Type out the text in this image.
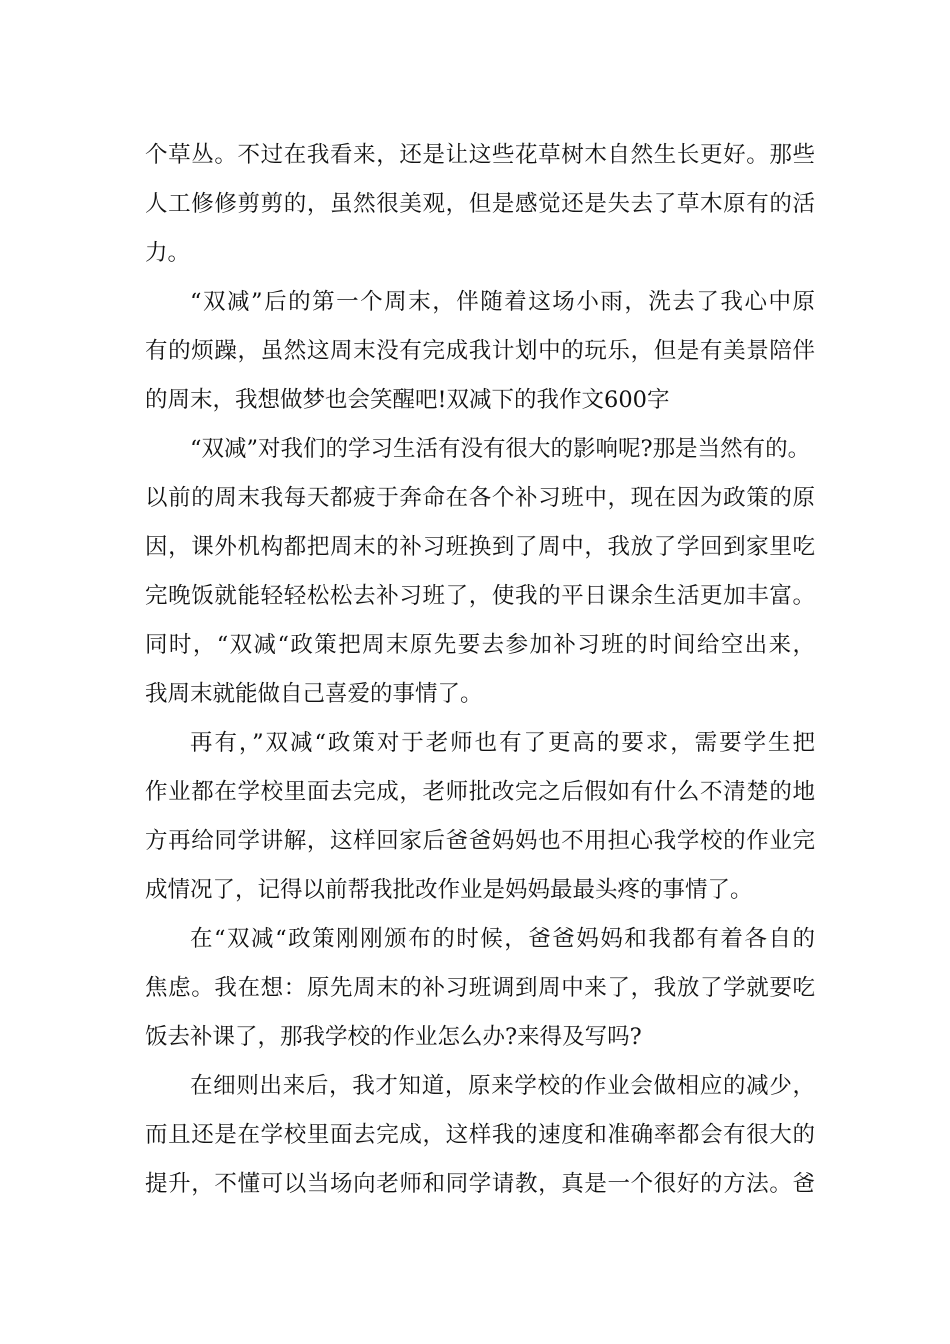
个草丛。不过在我看来，还是让这些花草树木自然生长更好。那些
人工修修剪剪的，虽然很美观，但是感觉还是失去了草木原有的活
力。
“双减”后的第一个周末，伴随着这场小雨，洗去了我心中原
有的烦躁，虽然这周末没有完成我计划中的玩乐，但是有美景陪伴
的周末，我想做梦也会笑醒吧!双减下的我作文600字
“双减”对我们的学习生活有没有很大的影响呢?那是当然有的。
以前的周末我每天都疲于奔命在各个补习班中，现在因为政策的原
因，课外机构都把周末的补习班换到了周中，我放了学回到家里吃
完晚饭就能轻轻松松去补习班了，使我的平日课余生活更加丰富。
同时，“双减“政策把周末原先要去参加补习班的时间给空出来，
我周末就能做自己喜爱的事情了。
再有，”双减“政策对于老师也有了更高的要求，需要学生把
作业都在学校里面去完成，老师批改完之后假如有什么不清楚的地
方再给同学讲解，这样回家后爸爸妈妈也不用担心我学校的作业完
成情况了，记得以前帮我批改作业是妈妈最最头疼的事情了。
在“双减“政策刚刚颁布的时候，爸爸妈妈和我都有着各自的
焦虑。我在想：原先周末的补习班调到周中来了，我放了学就要吃
饭去补课了，那我学校的作业怎么办?来得及写吗?
在细则出来后，我才知道，原来学校的作业会做相应的减少，
而且还是在学校里面去完成，这样我的速度和准确率都会有很大的
提升，不懂可以当场向老师和同学请教，真是一个很好的方法。爸
